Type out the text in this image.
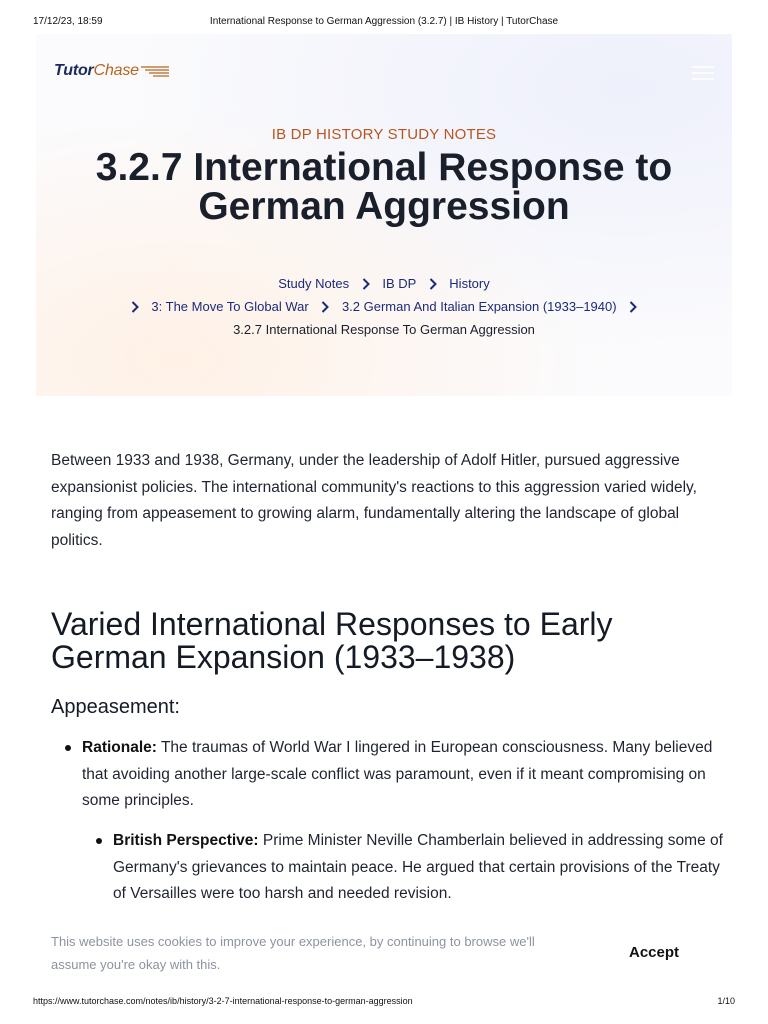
17/12/23, 18:59	International Response to German Aggression (3.2.7) | IB History | TutorChase
TutorChase
IB DP HISTORY STUDY NOTES
3.2.7 International Response to German Aggression
Study Notes	IB DP	History
3: The Move To Global War	3.2 German And Italian Expansion (1933–1940)
3.2.7 International Response To German Aggression

Between 1933 and 1938, Germany, under the leadership of Adolf Hitler, pursued aggressive expansionist policies. The international community's reactions to this aggression varied widely, ranging from appeasement to growing alarm, fundamentally altering the landscape of global politics.

Varied International Responses to Early German Expansion (1933–1938)
Appeasement:
Rationale: The traumas of World War I lingered in European consciousness. Many believed that avoiding another large-scale conflict was paramount, even if it meant compromising on some principles.
British Perspective: Prime Minister Neville Chamberlain believed in addressing some of Germany's grievances to maintain peace. He argued that certain provisions of the Treaty of Versailles were too harsh and needed revision.
This website uses cookies to improve your experience, by continuing to browse we'll assume you're okay with this.
Accept
https://www.tutorchase.com/notes/ib/history/3-2-7-international-response-to-german-aggression	1/10
